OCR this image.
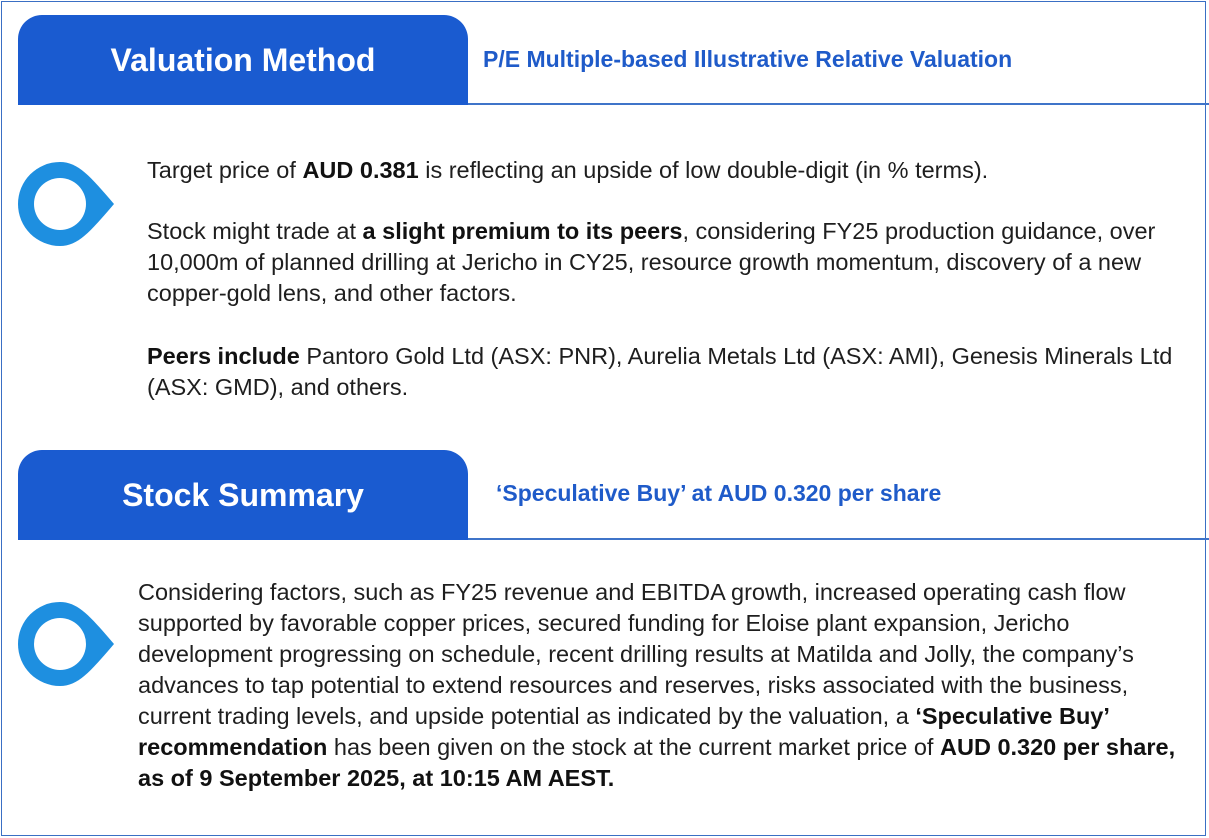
Valuation Method	P/E Multiple-based Illustrative Relative Valuation
Target price of AUD 0.381 is reflecting an upside of low double-digit (in % terms).
Stock might trade at a slight premium to its peers, considering FY25 production guidance, over 10,000m of planned drilling at Jericho in CY25, resource growth momentum, discovery of a new copper-gold lens, and other factors.
Peers include Pantoro Gold Ltd (ASX: PNR), Aurelia Metals Ltd (ASX: AMI), Genesis Minerals Ltd (ASX: GMD), and others.
Stock Summary	‘Speculative Buy’ at AUD 0.320 per share
Considering factors, such as FY25 revenue and EBITDA growth, increased operating cash flow supported by favorable copper prices, secured funding for Eloise plant expansion, Jericho development progressing on schedule, recent drilling results at Matilda and Jolly, the company’s advances to tap potential to extend resources and reserves, risks associated with the business, current trading levels, and upside potential as indicated by the valuation, a ‘Speculative Buy’ recommendation has been given on the stock at the current market price of AUD 0.320 per share, as of 9 September 2025, at 10:15 AM AEST.
